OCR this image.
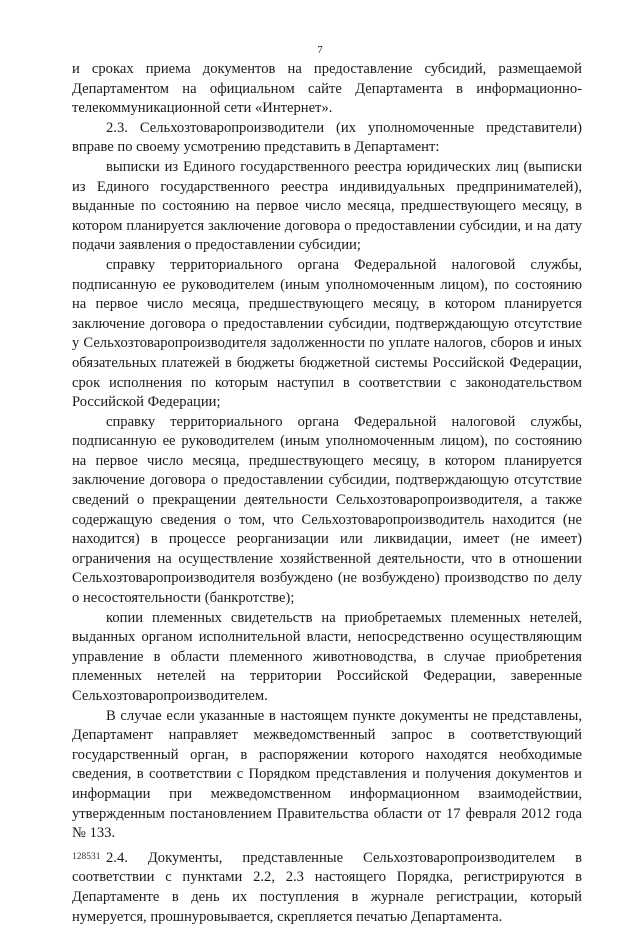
7

и сроках приема документов на предоставление субсидий, размещаемой Департаментом на официальном сайте Департамента в информационно-телекоммуникационной сети «Интернет».

2.3. Сельхозтоваропроизводители (их уполномоченные представители) вправе по своему усмотрению представить в Департамент:

выписки из Единого государственного реестра юридических лиц (выписки из Единого государственного реестра индивидуальных предпринимателей), выданные по состоянию на первое число месяца, предшествующего месяцу, в котором планируется заключение договора о предоставлении субсидии, и на дату подачи заявления о предоставлении субсидии;

справку территориального органа Федеральной налоговой службы, подписанную ее руководителем (иным уполномоченным лицом), по состоянию на первое число месяца, предшествующего месяцу, в котором планируется заключение договора о предоставлении субсидии, подтверждающую отсутствие у Сельхозтоваропроизводителя задолженности по уплате налогов, сборов и иных обязательных платежей в бюджеты бюджетной системы Российской Федерации, срок исполнения по которым наступил в соответствии с законодательством Российской Федерации;

справку территориального органа Федеральной налоговой службы, подписанную ее руководителем (иным уполномоченным лицом), по состоянию на первое число месяца, предшествующего месяцу, в котором планируется заключение договора о предоставлении субсидии, подтверждающую отсутствие сведений о прекращении деятельности Сельхозтоваропроизводителя, а также содержащую сведения о том, что Сельхозтоваропроизводитель находится (не находится) в процессе реорганизации или ликвидации, имеет (не имеет) ограничения на осуществление хозяйственной деятельности, что в отношении Сельхозтоваропроизводителя возбуждено (не возбуждено) производство по делу о несостоятельности (банкротстве);

копии племенных свидетельств на приобретаемых племенных нетелей, выданных органом исполнительной власти, непосредственно осуществляющим управление в области племенного животноводства, в случае приобретения племенных нетелей на территории Российской Федерации, заверенные Сельхозтоваропроизводителем.

В случае если указанные в настоящем пункте документы не представлены, Департамент направляет межведомственный запрос в соответствующий государственный орган, в распоряжении которого находятся необходимые сведения, в соответствии с Порядком представления и получения документов и информации при межведомственном информационном взаимодействии, утвержденным постановлением Правительства области от 17 февраля 2012 года № 133.

2.4. Документы, представленные Сельхозтоваропроизводителем в соответствии с пунктами 2.2, 2.3 настоящего Порядка, регистрируются в Департаменте в день их поступления в журнале регистрации, который нумеруется, прошнуровывается, скрепляется печатью Департамента.

128531
